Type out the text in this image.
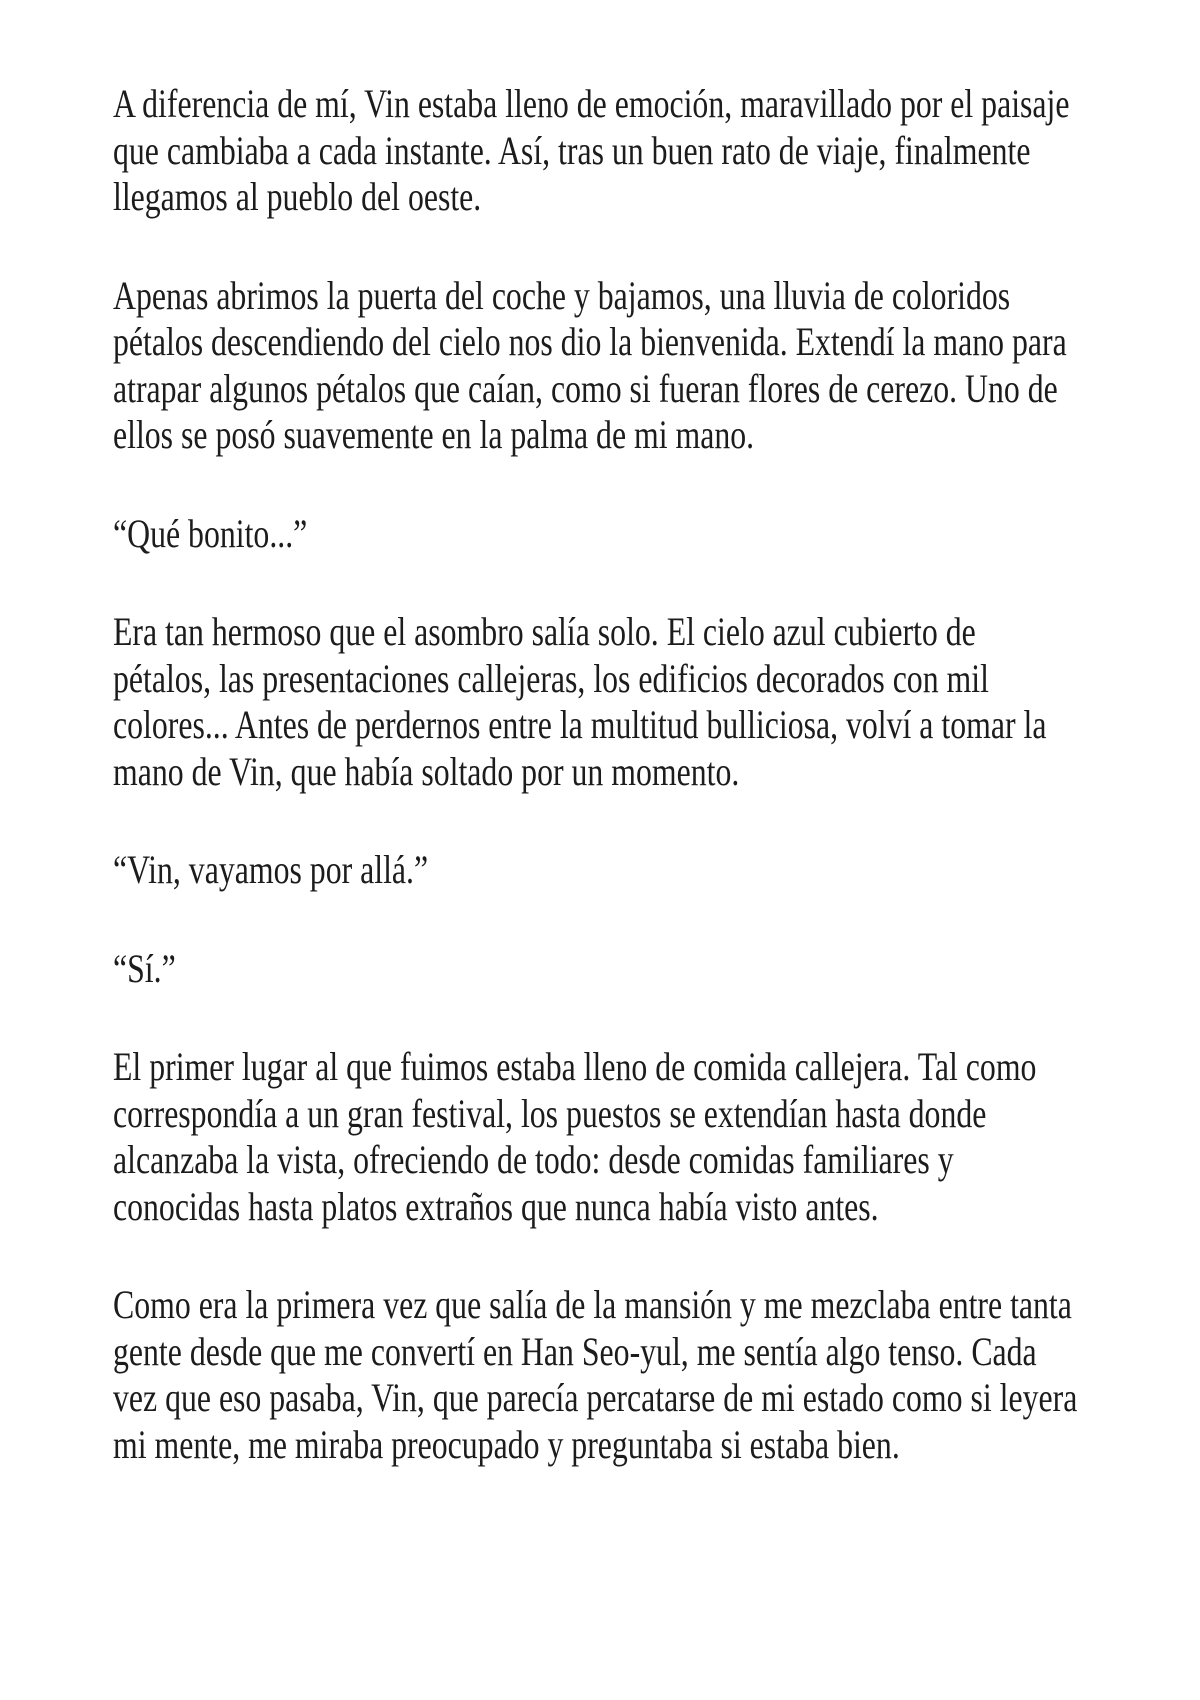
A diferencia de mí, Vin estaba lleno de emoción, maravillado por el paisaje que cambiaba a cada instante. Así, tras un buen rato de viaje, finalmente llegamos al pueblo del oeste.

Apenas abrimos la puerta del coche y bajamos, una lluvia de coloridos pétalos descendiendo del cielo nos dio la bienvenida. Extendí la mano para atrapar algunos pétalos que caían, como si fueran flores de cerezo. Uno de ellos se posó suavemente en la palma de mi mano.

“Qué bonito...”

Era tan hermoso que el asombro salía solo. El cielo azul cubierto de pétalos, las presentaciones callejeras, los edificios decorados con mil colores... Antes de perdernos entre la multitud bulliciosa, volví a tomar la mano de Vin, que había soltado por un momento.

“Vin, vayamos por allá.”

“Sí.”

El primer lugar al que fuimos estaba lleno de comida callejera. Tal como correspondía a un gran festival, los puestos se extendían hasta donde alcanzaba la vista, ofreciendo de todo: desde comidas familiares y conocidas hasta platos extraños que nunca había visto antes.

Como era la primera vez que salía de la mansión y me mezclaba entre tanta gente desde que me convertí en Han Seo-yul, me sentía algo tenso. Cada vez que eso pasaba, Vin, que parecía percatarse de mi estado como si leyera mi mente, me miraba preocupado y preguntaba si estaba bien.
